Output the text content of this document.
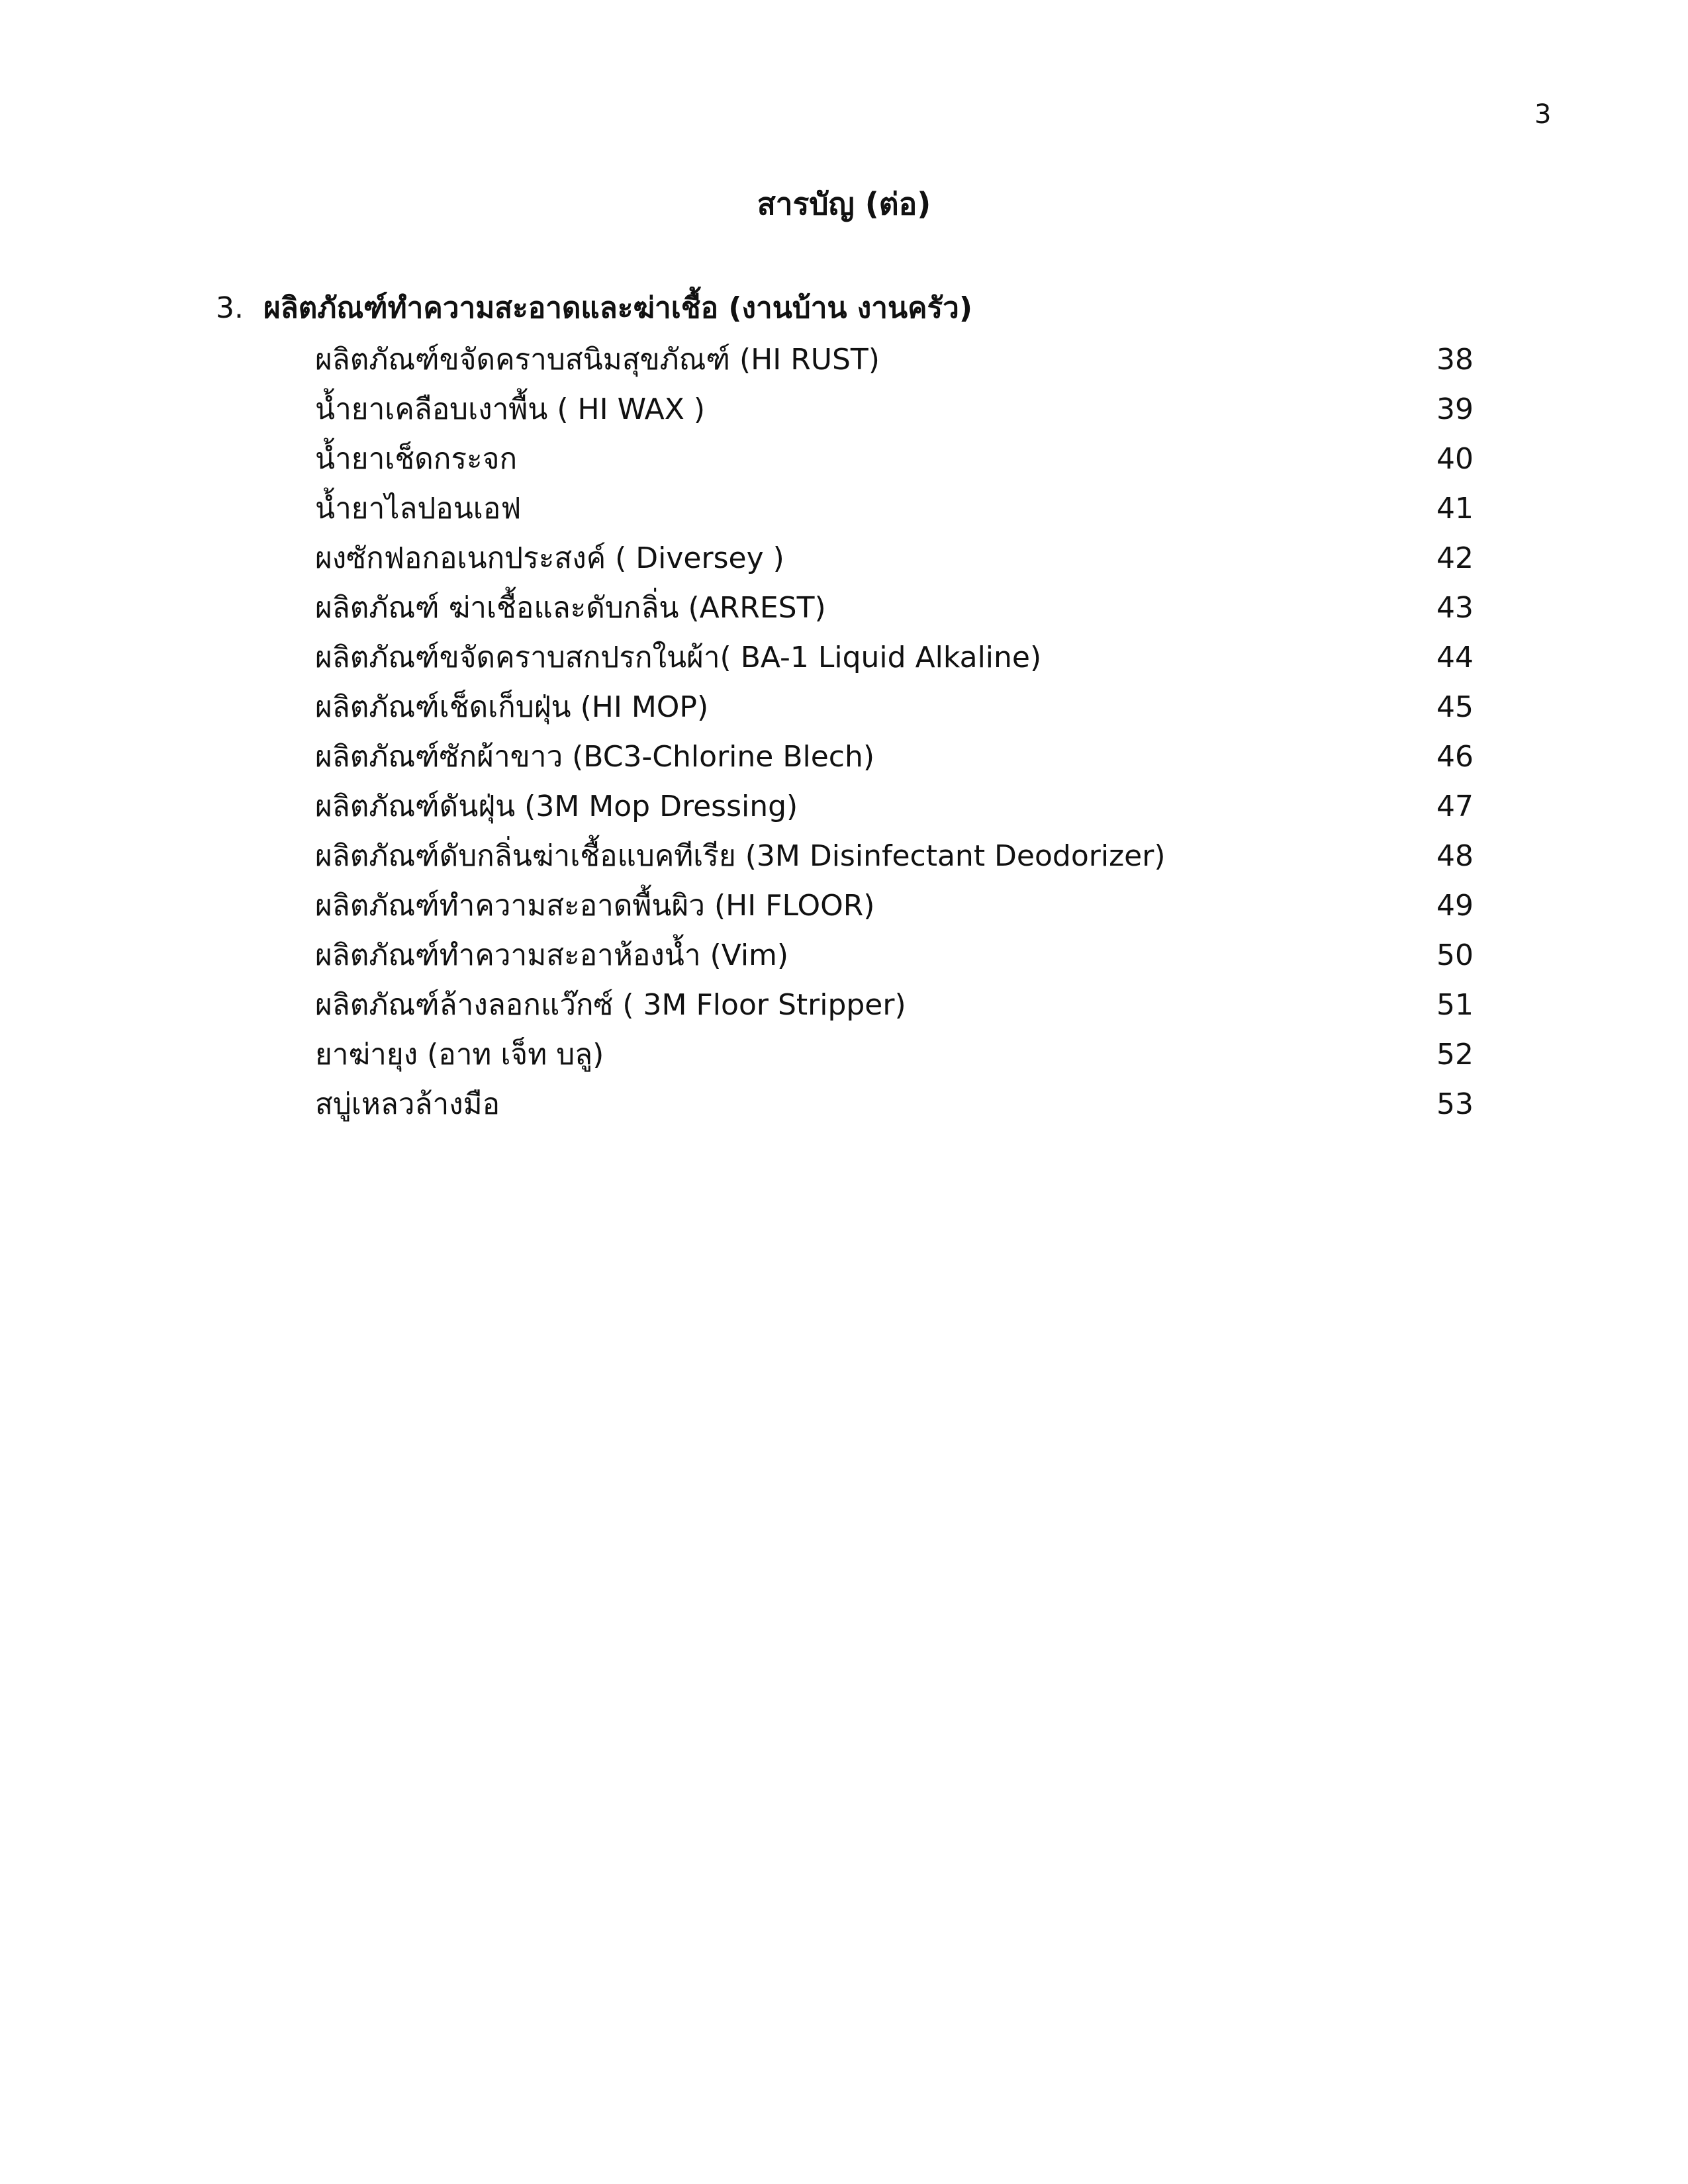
3
สารบัญ (ต่อ)
3. ผลิตภัณฑ์ทำความสะอาดและฆ่าเชื้อ (งานบ้าน งานครัว)
ผลิตภัณฑ์ขจัดคราบสนิมสุขภัณฑ์ (HI RUST)	38
น้ำยาเคลือบเงาพื้น ( HI WAX )	39
น้ำยาเช็ดกระจก	40
น้ำยาไลปอนเอฟ	41
ผงซักฟอกอเนกประสงค์ ( Diversey )	42
ผลิตภัณฑ์ ฆ่าเชื้อและดับกลิ่น (ARREST)	43
ผลิตภัณฑ์ขจัดคราบสกปรกในผ้า( BA-1 Liquid Alkaline)	44
ผลิตภัณฑ์เช็ดเก็บฝุ่น (HI MOP)	45
ผลิตภัณฑ์ซักผ้าขาว (BC3-Chlorine Blech)	46
ผลิตภัณฑ์ดันฝุ่น (3M Mop Dressing)	47
ผลิตภัณฑ์ดับกลิ่นฆ่าเชื้อแบคทีเรีย (3M Disinfectant Deodorizer)	48
ผลิตภัณฑ์ทำความสะอาดพื้นผิว (HI FLOOR)	49
ผลิตภัณฑ์ทำความสะอาห้องน้ำ (Vim)	50
ผลิตภัณฑ์ล้างลอกแว๊กซ์ ( 3M Floor Stripper)	51
ยาฆ่ายุง (อาท เจ็ท บลู)	52
สบู่เหลวล้างมือ	53
